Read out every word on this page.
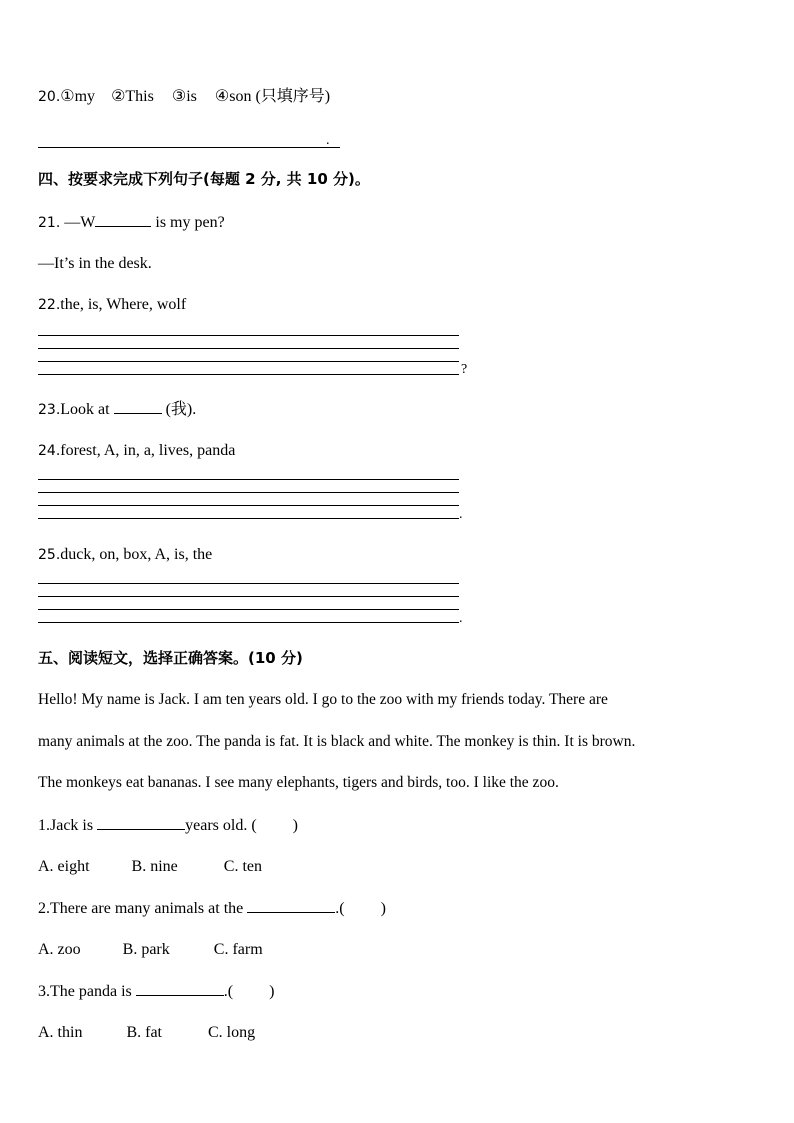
20.①my ②This ③is ④son (只填序号)
.
四、按要求完成下列句子(每题 2 分, 共 10 分)。
21. —W	is my pen?
—It’s in the desk.
22.the, is, Where, wolf
?
23.Look at	(我).
24.forest, A, in, a, lives, panda
.
25.duck, on, box, A, is, the
.
五、阅读短文，选择正确答案。(10 分)
Hello! My name is Jack. I am ten years old. I go to the zoo with my friends today. There are
many animals at the zoo. The panda is fat. It is black and white. The monkey is thin. It is brown.
The monkeys eat bananas. I see many elephants, tigers and birds, too. I like the zoo.
1.Jack is	years old. ( )
A. eight	B. nine	C. ten
2.There are many animals at the	.( )
A. zoo	B. park	C. farm
3.The panda is	.( )
A. thin	B. fat	C. long
